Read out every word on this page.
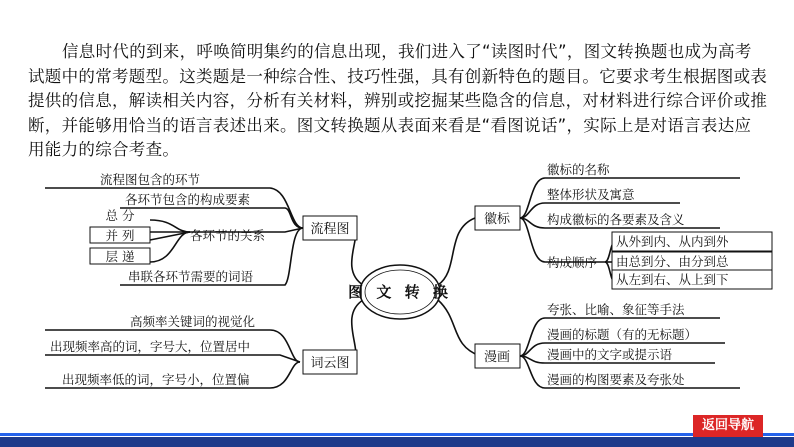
信息时代的到来，呼唤简明集约的信息出现，我们进入了“读图时代”，图文转换题也成为高考试题中的常考题型。这类题是一种综合性、技巧性强，具有创新特色的题目。它要求考生根据图或表提供的信息，解读相关内容，分析有关材料，辨别或挖掘某些隐含的信息，对材料进行综合评价或推断，并能够用恰当的语言表述出来。图文转换题从表面来看是“看图说话”，实际上是对语言表达应用能力的综合考查。
图 文 转 换
流程图
词云图
徽标
漫画
流程图包含的环节
各环节包含的构成要素
各环节的关系
串联各环节需要的词语
总 分
并 列
层 递
高频率关键词的视觉化
出现频率高的词，字号大，位置居中
出现频率低的词，字号小，位置偏
徽标的名称
整体形状及寓意
构成徽标的各要素及含义
构成顺序
从外到内、从内到外
由总到分、由分到总
从左到右、从上到下
夸张、比喻、象征等手法
漫画的标题（有的无标题）
漫画中的文字或提示语
漫画的构图要素及夸张处
返回导航
